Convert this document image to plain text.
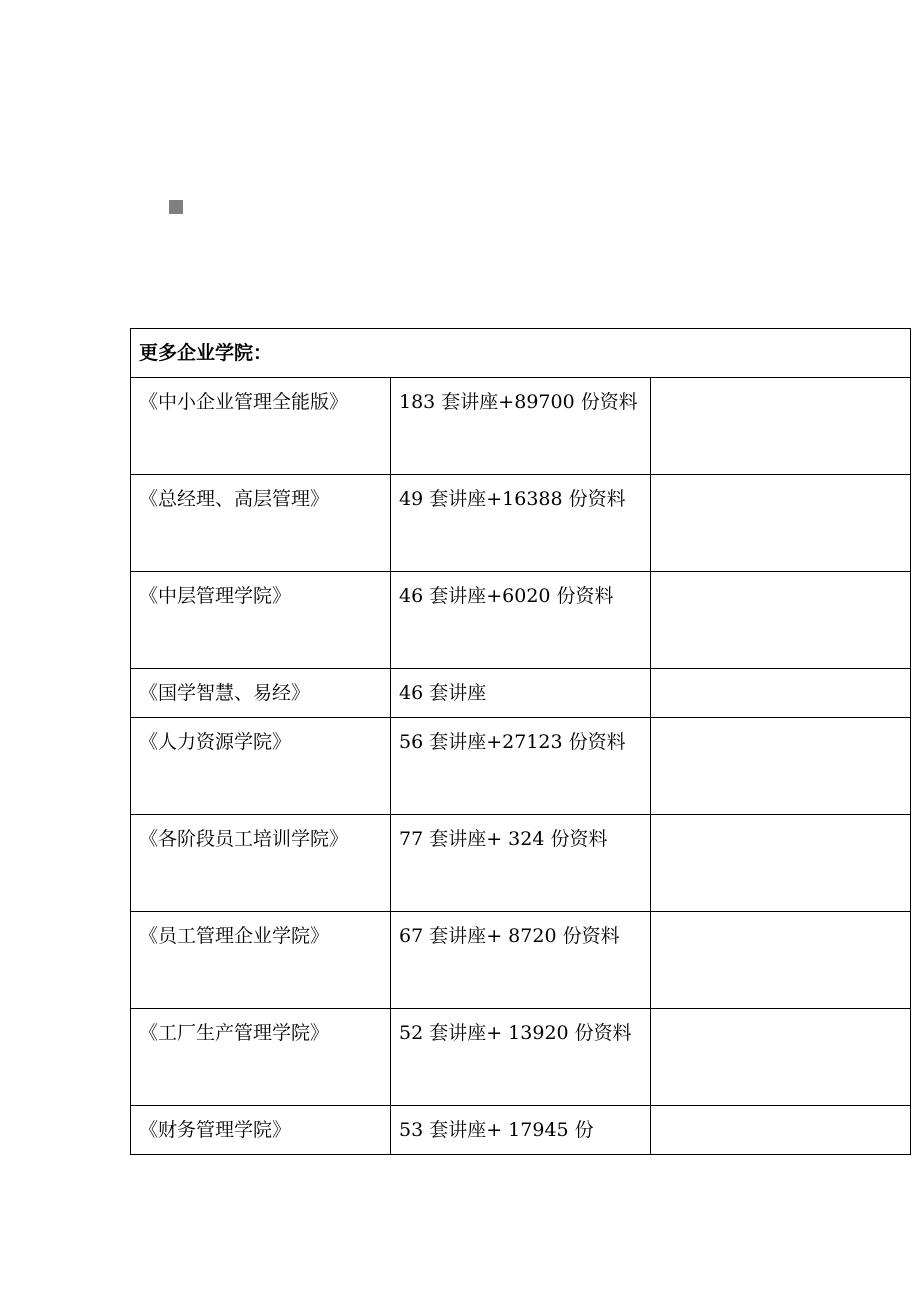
更多企业学院：		
《中小企业管理全能版》	183 套讲座+89700 份资料	
《总经理、高层管理》	49 套讲座+16388 份资料	
《中层管理学院》	46 套讲座+6020 份资料	
《国学智慧、易经》	46 套讲座	
《人力资源学院》	56 套讲座+27123 份资料	
《各阶段员工培训学院》	77 套讲座+ 324 份资料	
《员工管理企业学院》	67 套讲座+ 8720 份资料	
《工厂生产管理学院》	52 套讲座+ 13920 份资料	
《财务管理学院》	53 套讲座+ 17945 份	
